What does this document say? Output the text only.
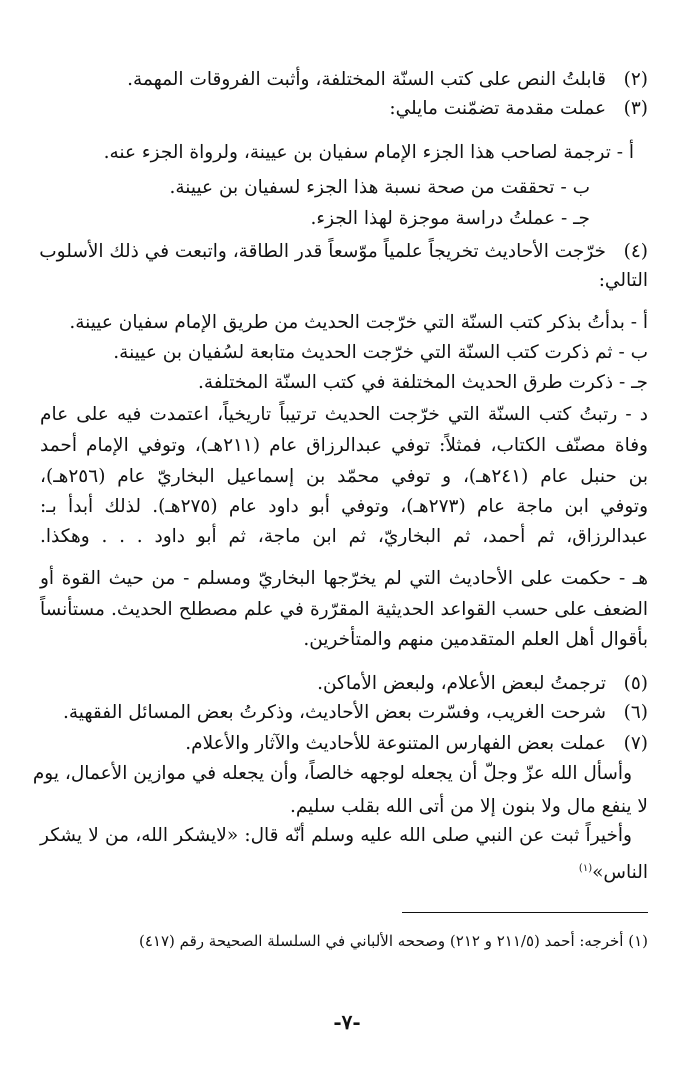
(٢)قابلتُ النص على كتب السنّة المختلفة، وأثبت الفروقات المهمة.
(٣)عملت مقدمة تضمّنت مايلي:
أ - ترجمة لصاحب هذا الجزء الإمام سفيان بن عيينة، ولرواة الجزء عنه.
ب - تحققت من صحة نسبة هذا الجزء لسفيان بن عيينة.
جـ - عملتُ دراسة موجزة لهذا الجزء.
(٤)خرّجت الأحاديث تخريجاً علمياً موّسعاً قدر الطاقة، واتبعت في ذلك الأسلوب
التالي:
أ - بدأتُ بذكر كتب السنّة التي خرّجت الحديث من طريق الإمام سفيان عيينة.
ب - ثم ذكرت كتب السنّة التي خرّجت الحديث متابعة لسُفيان بن عيينة.
جـ - ذكرت طرق الحديث المختلفة في كتب السنّة المختلفة.
د - رتبتُ كتب السنّة التي خرّجت الحديث ترتيباً تاريخياً، اعتمدت فيه على عام
وفاة مصنّف الكتاب، فمثلاً: توفي عبدالرزاق عام (٢١١هـ)، وتوفي الإمام أحمد
بن حنبل عام (٢٤١هـ)، و توفي محمّد بن إسماعيل البخاريّ عام (٢٥٦هـ)،
وتوفي ابن ماجة عام (٢٧٣هـ)، وتوفي أبو داود عام (٢٧٥هـ). لذلك أبدأ بـ:
عبدالرزاق، ثم أحمد، ثم البخاريّ، ثم ابن ماجة، ثم أبو داود . . . وهكذا.
هـ - حكمت على الأحاديث التي لم يخرّجها البخاريّ ومسلم - من حيث القوة أو
الضعف على حسب القواعد الحديثية المقرّرة في علم مصطلح الحديث. مستأنساً
بأقوال أهل العلم المتقدمين منهم والمتأخرين.
(٥)ترجمتُ لبعض الأعلام، ولبعض الأماكن.
(٦)شرحت الغريب، وفسّرت بعض الأحاديث، وذكرتُ بعض المسائل الفقهية.
(٧)عملت بعض الفهارس المتنوعة للأحاديث والآثار والأعلام.
وأسأل الله عزّ وجلّ أن يجعله لوجهه خالصاً، وأن يجعله في موازين الأعمال، يوم
لا ينفع مال ولا بنون إلا من أتى الله بقلب سليم.
وأخيراً ثبت عن النبي صلى الله عليه وسلم أنّه قال: «لايشكر الله، من لا يشكر
الناس»$^{(١)}$
(١) أخرجه: أحمد (٢١١/٥ و ٢١٢) وصححه الألباني في السلسلة الصحيحة رقم (٤١٧)
-٧-
